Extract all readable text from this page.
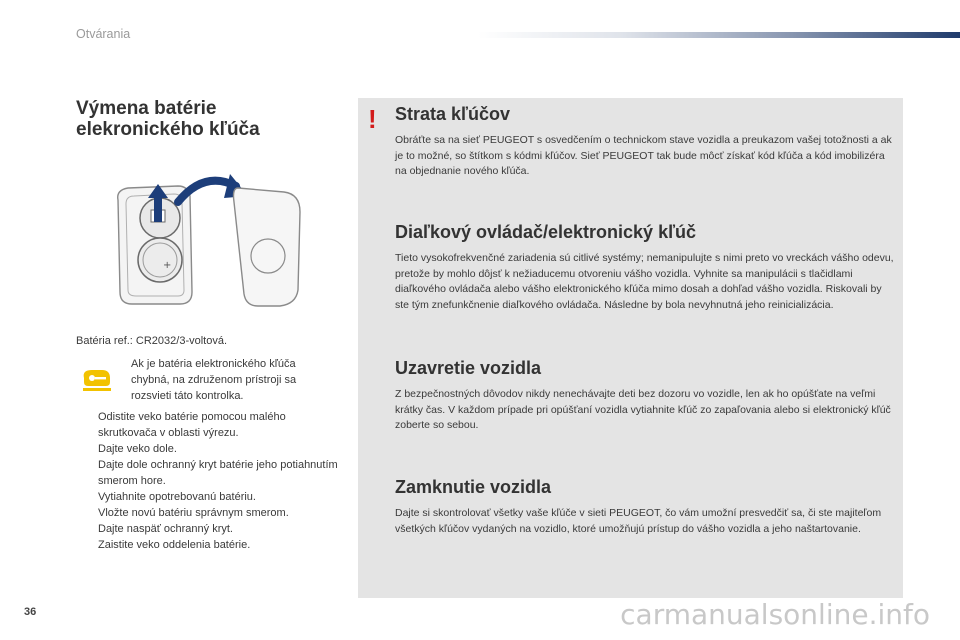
Otvárania
Výmena batérie
elekronického kľúča
+
Batéria ref.: CR2032/3-voltová.
Ak je batéria elektronického kľúča chybná, na združenom prístroji sa rozsvieti táto kontrolka.
Odistite veko batérie pomocou malého skrutkovača v oblasti výrezu.
Dajte veko dole.
Dajte dole ochranný kryt batérie jeho potiahnutím smerom hore.
Vytiahnite opotrebovanú batériu.
Vložte novú batériu správnym smerom.
Dajte naspäť ochranný kryt.
Zaistite veko oddelenia batérie.
! Strata kľúčov

Obráťte sa na sieť PEUGEOT s osvedčením o technickom stave vozidla a preukazom vašej totožnosti a ak je to možné, so štítkom s kódmi kľúčov. Sieť PEUGEOT tak bude môcť získať kód kľúča a kód imobilizéra na objednanie nového kľúča.

Diaľkový ovládač/elektronický kľúč

Tieto vysokofrekvenčné zariadenia sú citlivé systémy; nemanipulujte s nimi preto vo vreckách vášho odevu, pretože by mohlo dôjsť k nežiaducemu otvoreniu vášho vozidla. Vyhnite sa manipulácii s tlačidlami diaľkového ovládača alebo vášho elektronického kľúča mimo dosah a dohľad vášho vozidla. Riskovali by ste tým znefunkčnenie diaľkového ovládača. Následne by bola nevyhnutná jeho reinicializácia.

Uzavretie vozidla

Z bezpečnostných dôvodov nikdy nenechávajte deti bez dozoru vo vozidle, len ak ho opúšťate na veľmi krátky čas. V každom prípade pri opúšťaní vozidla vytiahnite kľúč zo zapaľovania alebo si elektronický kľúč zoberte so sebou.

Zamknutie vozidla

Dajte si skontrolovať všetky vaše kľúče v sieti PEUGEOT, čo vám umožní presvedčiť sa, či ste majiteľom všetkých kľúčov vydaných na vozidlo, ktoré umožňujú prístup do vášho vozidla a jeho naštartovanie.

36	carmanualsonline.info
